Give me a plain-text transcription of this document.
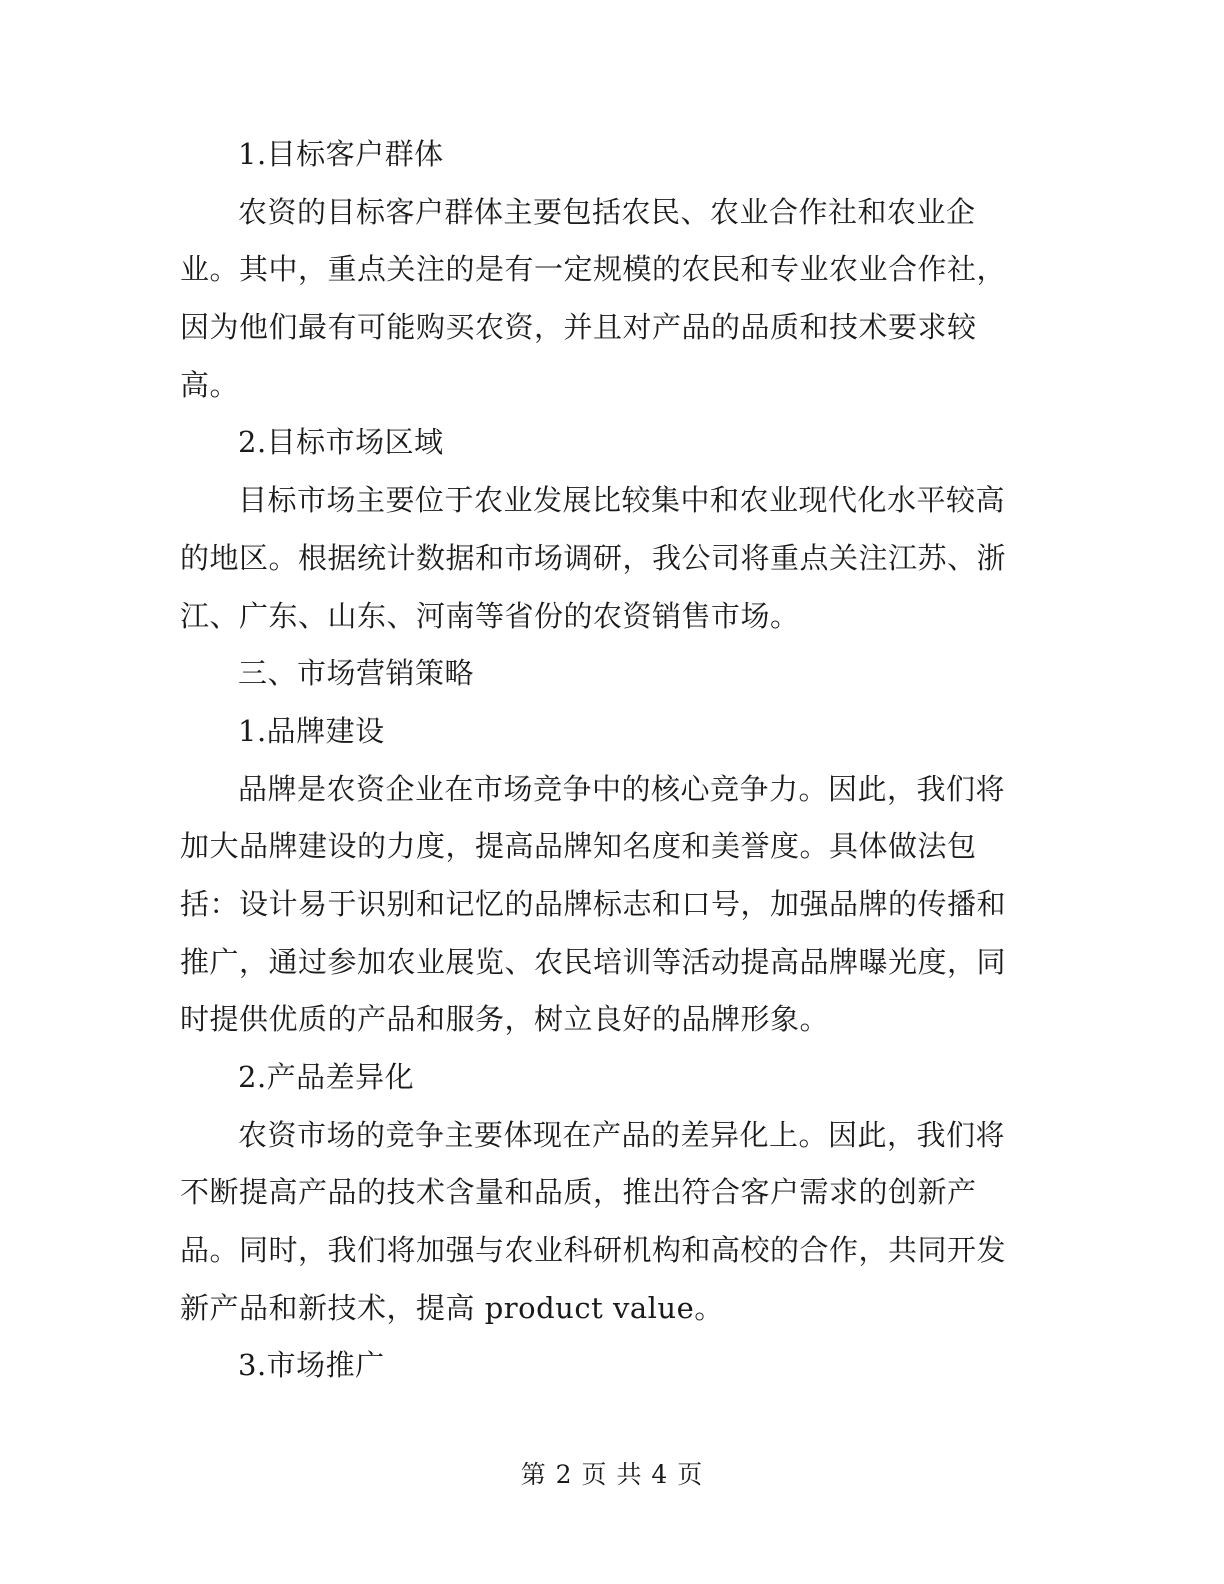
1.目标客户群体
农资的目标客户群体主要包括农民、农业合作社和农业企
业。其中，重点关注的是有一定规模的农民和专业农业合作社，
因为他们最有可能购买农资，并且对产品的品质和技术要求较
高。
2.目标市场区域
目标市场主要位于农业发展比较集中和农业现代化水平较高
的地区。根据统计数据和市场调研，我公司将重点关注江苏、浙
江、广东、山东、河南等省份的农资销售市场。
三、市场营销策略
1.品牌建设
品牌是农资企业在市场竞争中的核心竞争力。因此，我们将
加大品牌建设的力度，提高品牌知名度和美誉度。具体做法包
括：设计易于识别和记忆的品牌标志和口号，加强品牌的传播和
推广，通过参加农业展览、农民培训等活动提高品牌曝光度，同
时提供优质的产品和服务，树立良好的品牌形象。
2.产品差异化
农资市场的竞争主要体现在产品的差异化上。因此，我们将
不断提高产品的技术含量和品质，推出符合客户需求的创新产
品。同时，我们将加强与农业科研机构和高校的合作，共同开发
新产品和新技术，提高 product value。
3.市场推广
第 2 页 共 4 页
